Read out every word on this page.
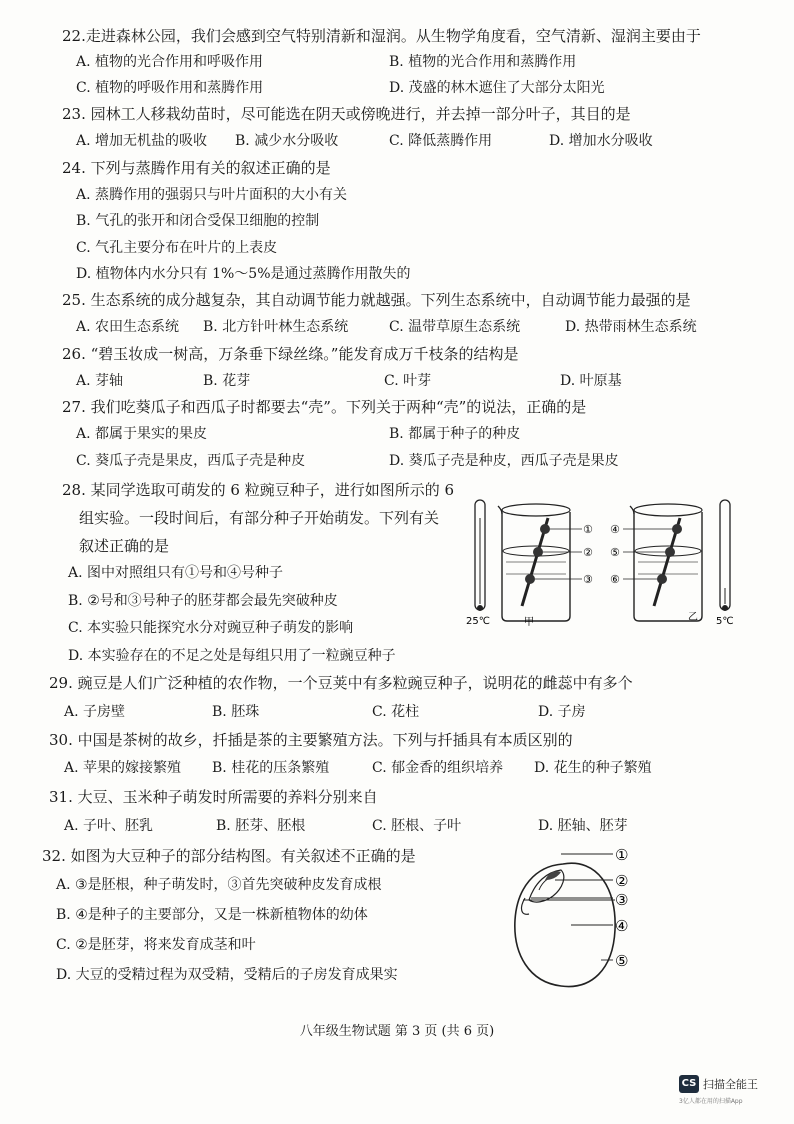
22.走进森林公园，我们会感到空气特别清新和湿润。从生物学角度看，空气清新、湿润主要由于
A. 植物的光合作用和呼吸作用	B. 植物的光合作用和蒸腾作用
C. 植物的呼吸作用和蒸腾作用	D. 茂盛的林木遮住了大部分太阳光
23. 园林工人移栽幼苗时，尽可能选在阴天或傍晚进行，并去掉一部分叶子，其目的是
A. 增加无机盐的吸收 B. 减少水分吸收	C. 降低蒸腾作用	D. 增加水分吸收
24. 下列与蒸腾作用有关的叙述正确的是
A. 蒸腾作用的强弱只与叶片面积的大小有关
B. 气孔的张开和闭合受保卫细胞的控制
C. 气孔主要分布在叶片的上表皮
D. 植物体内水分只有 1%～5%是通过蒸腾作用散失的
25. 生态系统的成分越复杂，其自动调节能力就越强。下列生态系统中，自动调节能力最强的是
A. 农田生态系统 B. 北方针叶林生态系统	C. 温带草原生态系统	D. 热带雨林生态系统
26. “碧玉妆成一树高，万条垂下绿丝绦。”能发育成万千枝条的结构是
A. 芽轴	B. 花芽	C. 叶芽	D. 叶原基
27. 我们吃葵瓜子和西瓜子时都要去“壳”。下列关于两种“壳”的说法，正确的是
A. 都属于果实的果皮	B. 都属于种子的种皮
C. 葵瓜子壳是果皮，西瓜子壳是种皮	D. 葵瓜子壳是种皮，西瓜子壳是果皮
28. 某同学选取可萌发的 6 粒豌豆种子，进行如图所示的 6
组实验。一段时间后，有部分种子开始萌发。下列有关
叙述正确的是
A. 图中对照组只有①号和④号种子
B. ②号和③号种子的胚芽都会最先突破种皮
C. 本实验只能探究水分对豌豆种子萌发的影响
D. 本实验存在的不足之处是每组只用了一粒豌豆种子
25℃	甲
①
②
③
④
⑤
⑥
乙 5℃
29. 豌豆是人们广泛种植的农作物，一个豆荚中有多粒豌豆种子，说明花的雌蕊中有多个
A. 子房壁	B. 胚珠	C. 花柱	D. 子房
30. 中国是茶树的故乡，扦插是茶的主要繁殖方法。下列与扦插具有本质区别的
A. 苹果的嫁接繁殖 B. 桂花的压条繁殖	C. 郁金香的组织培养 D. 花生的种子繁殖
31. 大豆、玉米种子萌发时所需要的养料分别来自
A. 子叶、胚乳	B. 胚芽、胚根	C. 胚根、子叶	D. 胚轴、胚芽
32. 如图为大豆种子的部分结构图。有关叙述不正确的是
A. ③是胚根，种子萌发时，③首先突破种皮发育成根
B. ④是种子的主要部分，又是一株新植物体的幼体
C. ②是胚芽，将来发育成茎和叶
D. 大豆的受精过程为双受精，受精后的子房发育成果实
①
②
③
④
⑤
八年级生物试题 第 3 页 (共 6 页)
CS 扫描全能王
3亿人都在用的扫描App
